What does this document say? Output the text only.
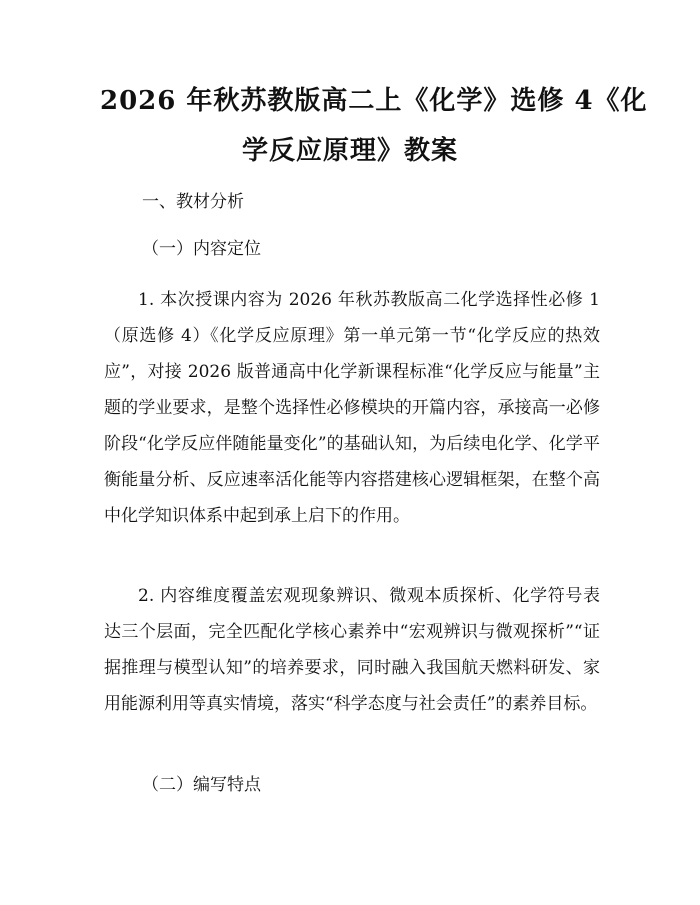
2026 年秋苏教版高二上《化学》选修 4《化
学反应原理》教案
一、教材分析
（一）内容定位

1. 本次授课内容为 2026 年秋苏教版高二化学选择性必修 1（原选修 4）《化学反应原理》第一单元第一节“化学反应的热效应”，对接 2026 版普通高中化学新课程标准“化学反应与能量”主题的学业要求，是整个选择性必修模块的开篇内容，承接高一必修阶段“化学反应伴随能量变化”的基础认知，为后续电化学、化学平衡能量分析、反应速率活化能等内容搭建核心逻辑框架，在整个高中化学知识体系中起到承上启下的作用。

2. 内容维度覆盖宏观现象辨识、微观本质探析、化学符号表达三个层面，完全匹配化学核心素养中“宏观辨识与微观探析”“证据推理与模型认知”的培养要求，同时融入我国航天燃料研发、家用能源利用等真实情境，落实“科学态度与社会责任”的素养目标。

（二）编写特点
